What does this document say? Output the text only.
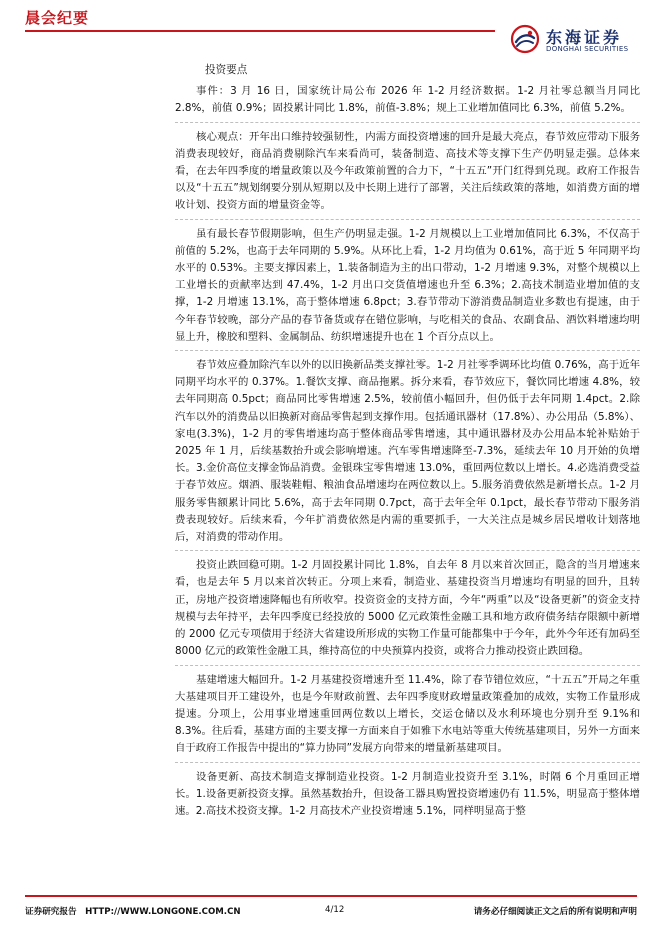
晨会纪要
东海证券
DONGHAI SECURITIES
投资要点

事件：3 月 16 日，国家统计局公布 2026 年 1-2 月经济数据。1-2 月社零总额当月同比 2.8%，前值 0.9%；固投累计同比 1.8%，前值-3.8%；规上工业增加值同比 6.3%，前值 5.2%。

核心观点：开年出口维持较强韧性，内需方面投资增速的回升是最大亮点，春节效应带动下服务消费表现较好，商品消费剔除汽车来看尚可，装备制造、高技术等支撑下生产仍明显走强。总体来看，在去年四季度的增量政策以及今年政策前置的合力下，“十五五”开门红得到兑现。政府工作报告以及“十五五”规划纲要分别从短期以及中长期上进行了部署，关注后续政策的落地，如消费方面的增收计划、投资方面的增量资金等。

虽有最长春节假期影响，但生产仍明显走强。1-2 月规模以上工业增加值同比 6.3%，不仅高于前值的 5.2%，也高于去年同期的 5.9%。从环比上看，1-2 月均值为 0.61%，高于近 5 年同期平均水平的 0.53%。主要支撑因素上，1.装备制造为主的出口带动，1-2 月增速 9.3%，对整个规模以上工业增长的贡献率达到 47.4%，1-2 月出口交货值增速也升至 6.3%；2.高技术制造业增加值的支撑，1-2 月增速 13.1%，高于整体增速 6.8pct；3.春节带动下游消费品制造业多数也有提速，由于今年春节较晚，部分产品的春节备货或存在错位影响，与吃相关的食品、农副食品、酒饮料增速均明显上升，橡胶和塑料、金属制品、纺织增速提升也在 1 个百分点以上。

春节效应叠加除汽车以外的以旧换新品类支撑社零。1-2 月社零季调环比均值 0.76%，高于近年同期平均水平的 0.37%。1.餐饮支撑、商品拖累。拆分来看，春节效应下，餐饮同比增速 4.8%，较去年同期高 0.5pct；商品同比零售增速 2.5%，较前值小幅回升，但仍低于去年同期 1.4pct。2.除汽车以外的消费品以旧换新对商品零售起到支撑作用。包括通讯器材（17.8%）、办公用品（5.8%）、家电(3.3%)，1-2 月的零售增速均高于整体商品零售增速，其中通讯器材及办公用品本轮补贴始于 2025 年 1 月，后续基数抬升或会影响增速。汽车零售增速降至-7.3%，延续去年 10 月开始的负增长。3.金价高位支撑金饰品消费。金银珠宝零售增速 13.0%，重回两位数以上增长。4.必选消费受益于春节效应。烟酒、服装鞋帽、粮油食品增速均在两位数以上。5.服务消费依然是新增长点。1-2 月服务零售额累计同比 5.6%，高于去年同期 0.7pct，高于去年全年 0.1pct，最长春节带动下服务消费表现较好。后续来看，今年扩消费依然是内需的重要抓手，一大关注点是城乡居民增收计划落地后，对消费的带动作用。

投资止跌回稳可期。1-2 月固投累计同比 1.8%，自去年 8 月以来首次回正，隐含的当月增速来看，也是去年 5 月以来首次转正。分项上来看，制造业、基建投资当月增速均有明显的回升，且转正，房地产投资增速降幅也有所收窄。投资资金的支持方面，今年“两重”以及“设备更新”的资金支持规模与去年持平，去年四季度已经投放的 5000 亿元政策性金融工具和地方政府债务结存限额中新增的 2000 亿元专项债用于经济大省建设所形成的实物工作量可能都集中于今年，此外今年还有加码至 8000 亿元的政策性金融工具，维持高位的中央预算内投资，或将合力推动投资止跌回稳。

基建增速大幅回升。1-2 月基建投资增速升至 11.4%，除了春节错位效应，“十五五”开局之年重大基建项目开工建设外，也是今年财政前置、去年四季度财政增量政策叠加的成效，实物工作量形成提速。分项上，公用事业增速重回两位数以上增长，交运仓储以及水利环境也分别升至 9.1%和 8.3%。往后看，基建方面的主要支撑一方面来自于如雅下水电站等重大传统基建项目，另外一方面来自于政府工作报告中提出的“算力协同”发展方向带来的增量新基建项目。

设备更新、高技术制造支撑制造业投资。1-2 月制造业投资升至 3.1%，时隔 6 个月重回正增长。1.设备更新投资支撑。虽然基数抬升，但设备工器具购置投资增速仍有 11.5%，明显高于整体增速。2.高技术投资支撑。1-2 月高技术产业投资增速 5.1%，同样明显高于整

证券研究报告　HTTP://WWW.LONGONE.COM.CN	4/12	请务必仔细阅读正文之后的所有说明和声明
